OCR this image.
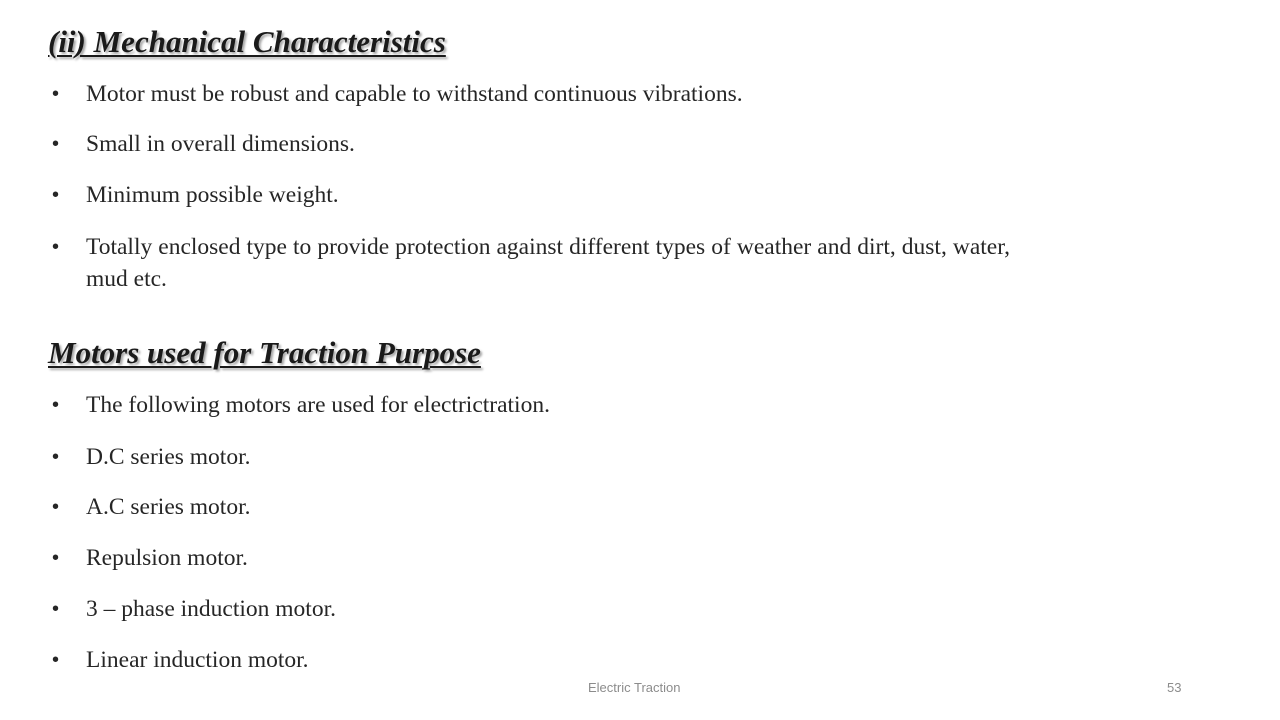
(ii) Mechanical Characteristics
• Motor must be robust and capable to withstand continuous vibrations.
• Small in overall dimensions.
• Minimum possible weight.
• Totally enclosed type to provide protection against different types of weather and dirt, dust, water, mud etc.
Motors used for Traction Purpose
• The following motors are used for electrictration.
• D.C series motor.
• A.C series motor.
• Repulsion motor.
• 3 – phase induction motor.
• Linear induction motor.
Electric Traction	53
